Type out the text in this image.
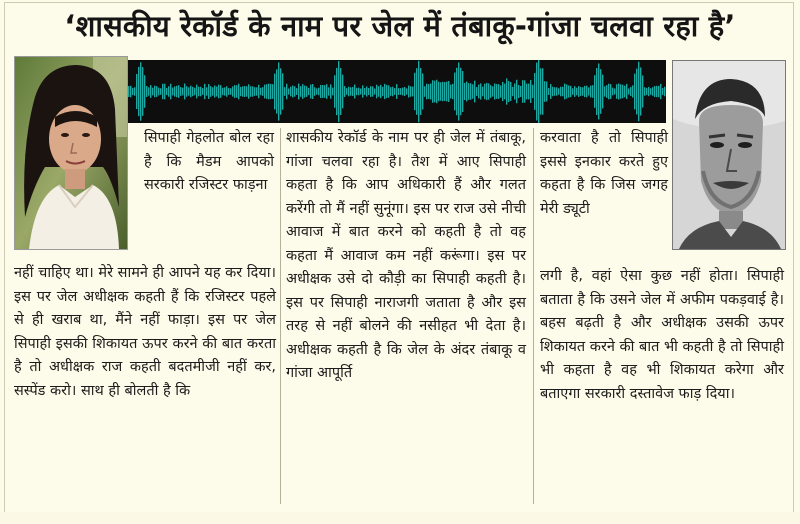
‘शासकीय रेकॉर्ड के नाम पर जेल में तंबाकू-गांजा चलवा रहा है’

सिपाही गेहलोत बोल रहा है कि मैडम आपको सरकारी रजिस्टर फाड़ना

नहीं चाहिए था। मेरे सामने ही आपने यह कर दिया। इस पर जेल अधीक्षक कहती हैं कि रजिस्टर पहले से ही खराब था, मैंने नहीं फाड़ा। इस पर जेल सिपाही इसकी शिकायत ऊपर करने की बात करता है तो अधीक्षक राज कहती बदतमीजी नहीं कर, सस्पेंड करो। साथ ही बोलती है कि

शासकीय रेकॉर्ड के नाम पर ही जेल में तंबाकू, गांजा चलवा रहा है। तैश में आए सिपाही कहता है कि आप अधिकारी हैं और गलत करेंगी तो मैं नहीं सुनूंगा। इस पर राज उसे नीची आवाज में बात करने को कहती है तो वह कहता मैं आवाज कम नहीं करूंगा। इस पर अधीक्षक उसे दो कौड़ी का सिपाही कहती है। इस पर सिपाही नाराजगी जताता है और इस तरह से नहीं बोलने की नसीहत भी देता है। अधीक्षक कहती है कि जेल के अंदर तंबाकू व गांजा आपूर्ति

करवाता है तो सिपाही इससे इनकार करते हुए कहता है कि जिस जगह मेरी ड्यूटी

लगी है, वहां ऐसा कुछ नहीं होता। सिपाही बताता है कि उसने जेल में अफीम पकड़वाई है। बहस बढ़ती है और अधीक्षक उसकी ऊपर शिकायत करने की बात भी कहती है तो सिपाही भी कहता है वह भी शिकायत करेगा और बताएगा सरकारी दस्तावेज फाड़ दिया।
